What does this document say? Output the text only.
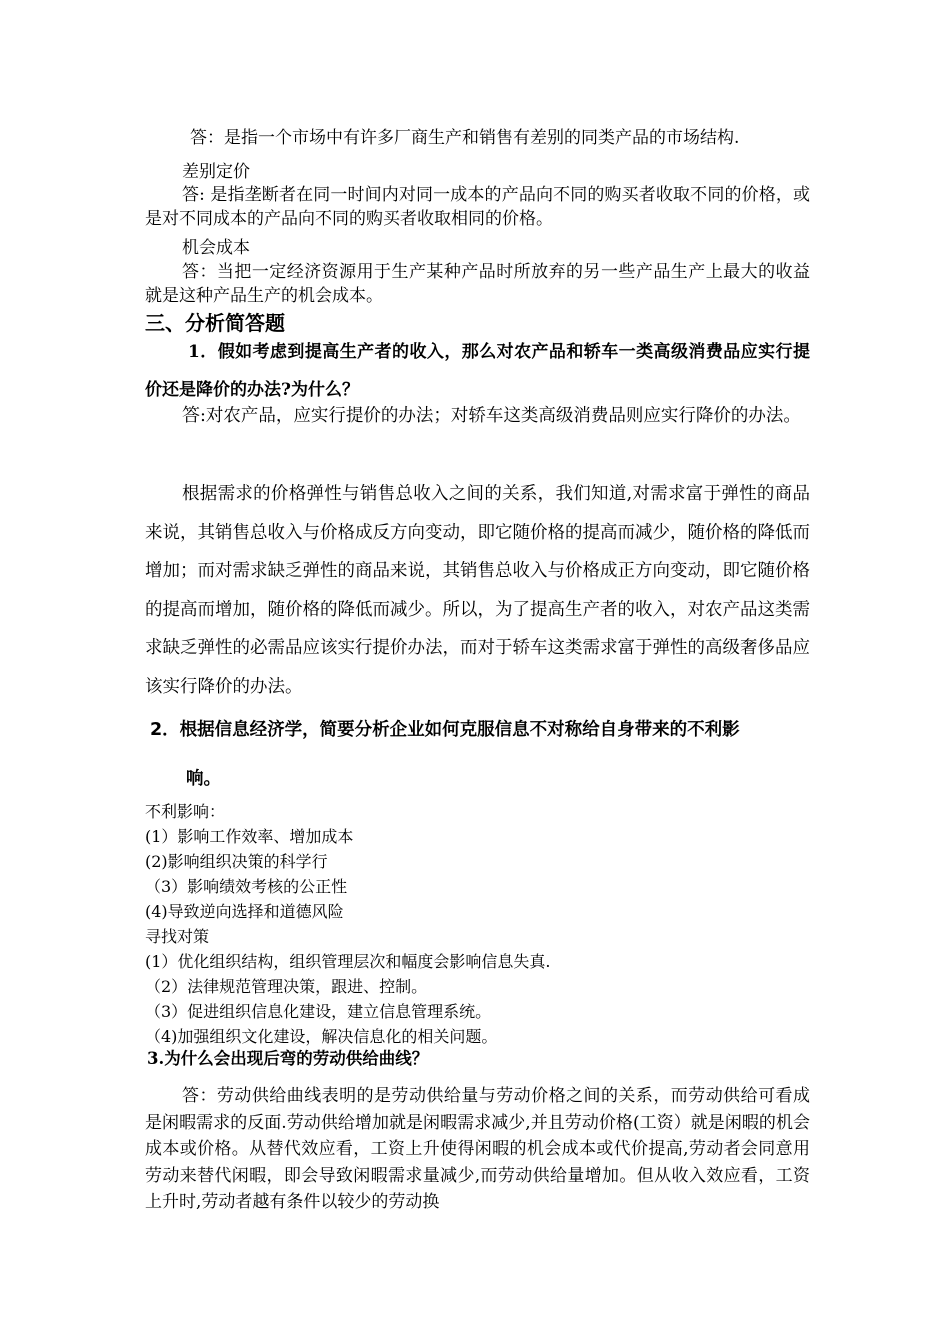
答：是指一个市场中有许多厂商生产和销售有差别的同类产品的市场结构.

差别定价

答: 是指垄断者在同一时间内对同一成本的产品向不同的购买者收取不同的价格，或是对不同成本的产品向不同的购买者收取相同的价格。

机会成本

答：当把一定经济资源用于生产某种产品时所放弃的另一些产品生产上最大的收益就是这种产品生产的机会成本。

三、分析简答题

1．假如考虑到提高生产者的收入，那么对农产品和轿车一类高级消费品应实行提价还是降价的办法?为什么？

答:对农产品，应实行提价的办法；对轿车这类高级消费品则应实行降价的办法。

根据需求的价格弹性与销售总收入之间的关系，我们知道,对需求富于弹性的商品来说，其销售总收入与价格成反方向变动，即它随价格的提高而减少，随价格的降低而增加；而对需求缺乏弹性的商品来说，其销售总收入与价格成正方向变动，即它随价格的提高而增加，随价格的降低而减少。所以，为了提高生产者的收入，对农产品这类需求缺乏弹性的必需品应该实行提价办法，而对于轿车这类需求富于弹性的高级奢侈品应该实行降价的办法。

2．根据信息经济学，简要分析企业如何克服信息不对称给自身带来的不利影

响。

不利影响：

(1）影响工作效率、增加成本

(2)影响组织决策的科学行

（3）影响绩效考核的公正性

(4)导致逆向选择和道德风险

寻找对策

(1）优化组织结构，组织管理层次和幅度会影响信息失真.

（2）法律规范管理决策，跟进、控制。

（3）促进组织信息化建设，建立信息管理系统。

（4)加强组织文化建设，解决信息化的相关问题。

3.为什么会出现后弯的劳动供给曲线？

答：劳动供给曲线表明的是劳动供给量与劳动价格之间的关系，而劳动供给可看成是闲暇需求的反面.劳动供给增加就是闲暇需求减少,并且劳动价格(工资）就是闲暇的机会成本或价格。从替代效应看，工资上升使得闲暇的机会成本或代价提高,劳动者会同意用劳动来替代闲暇，即会导致闲暇需求量减少,而劳动供给量增加。但从收入效应看，工资上升时,劳动者越有条件以较少的劳动换
